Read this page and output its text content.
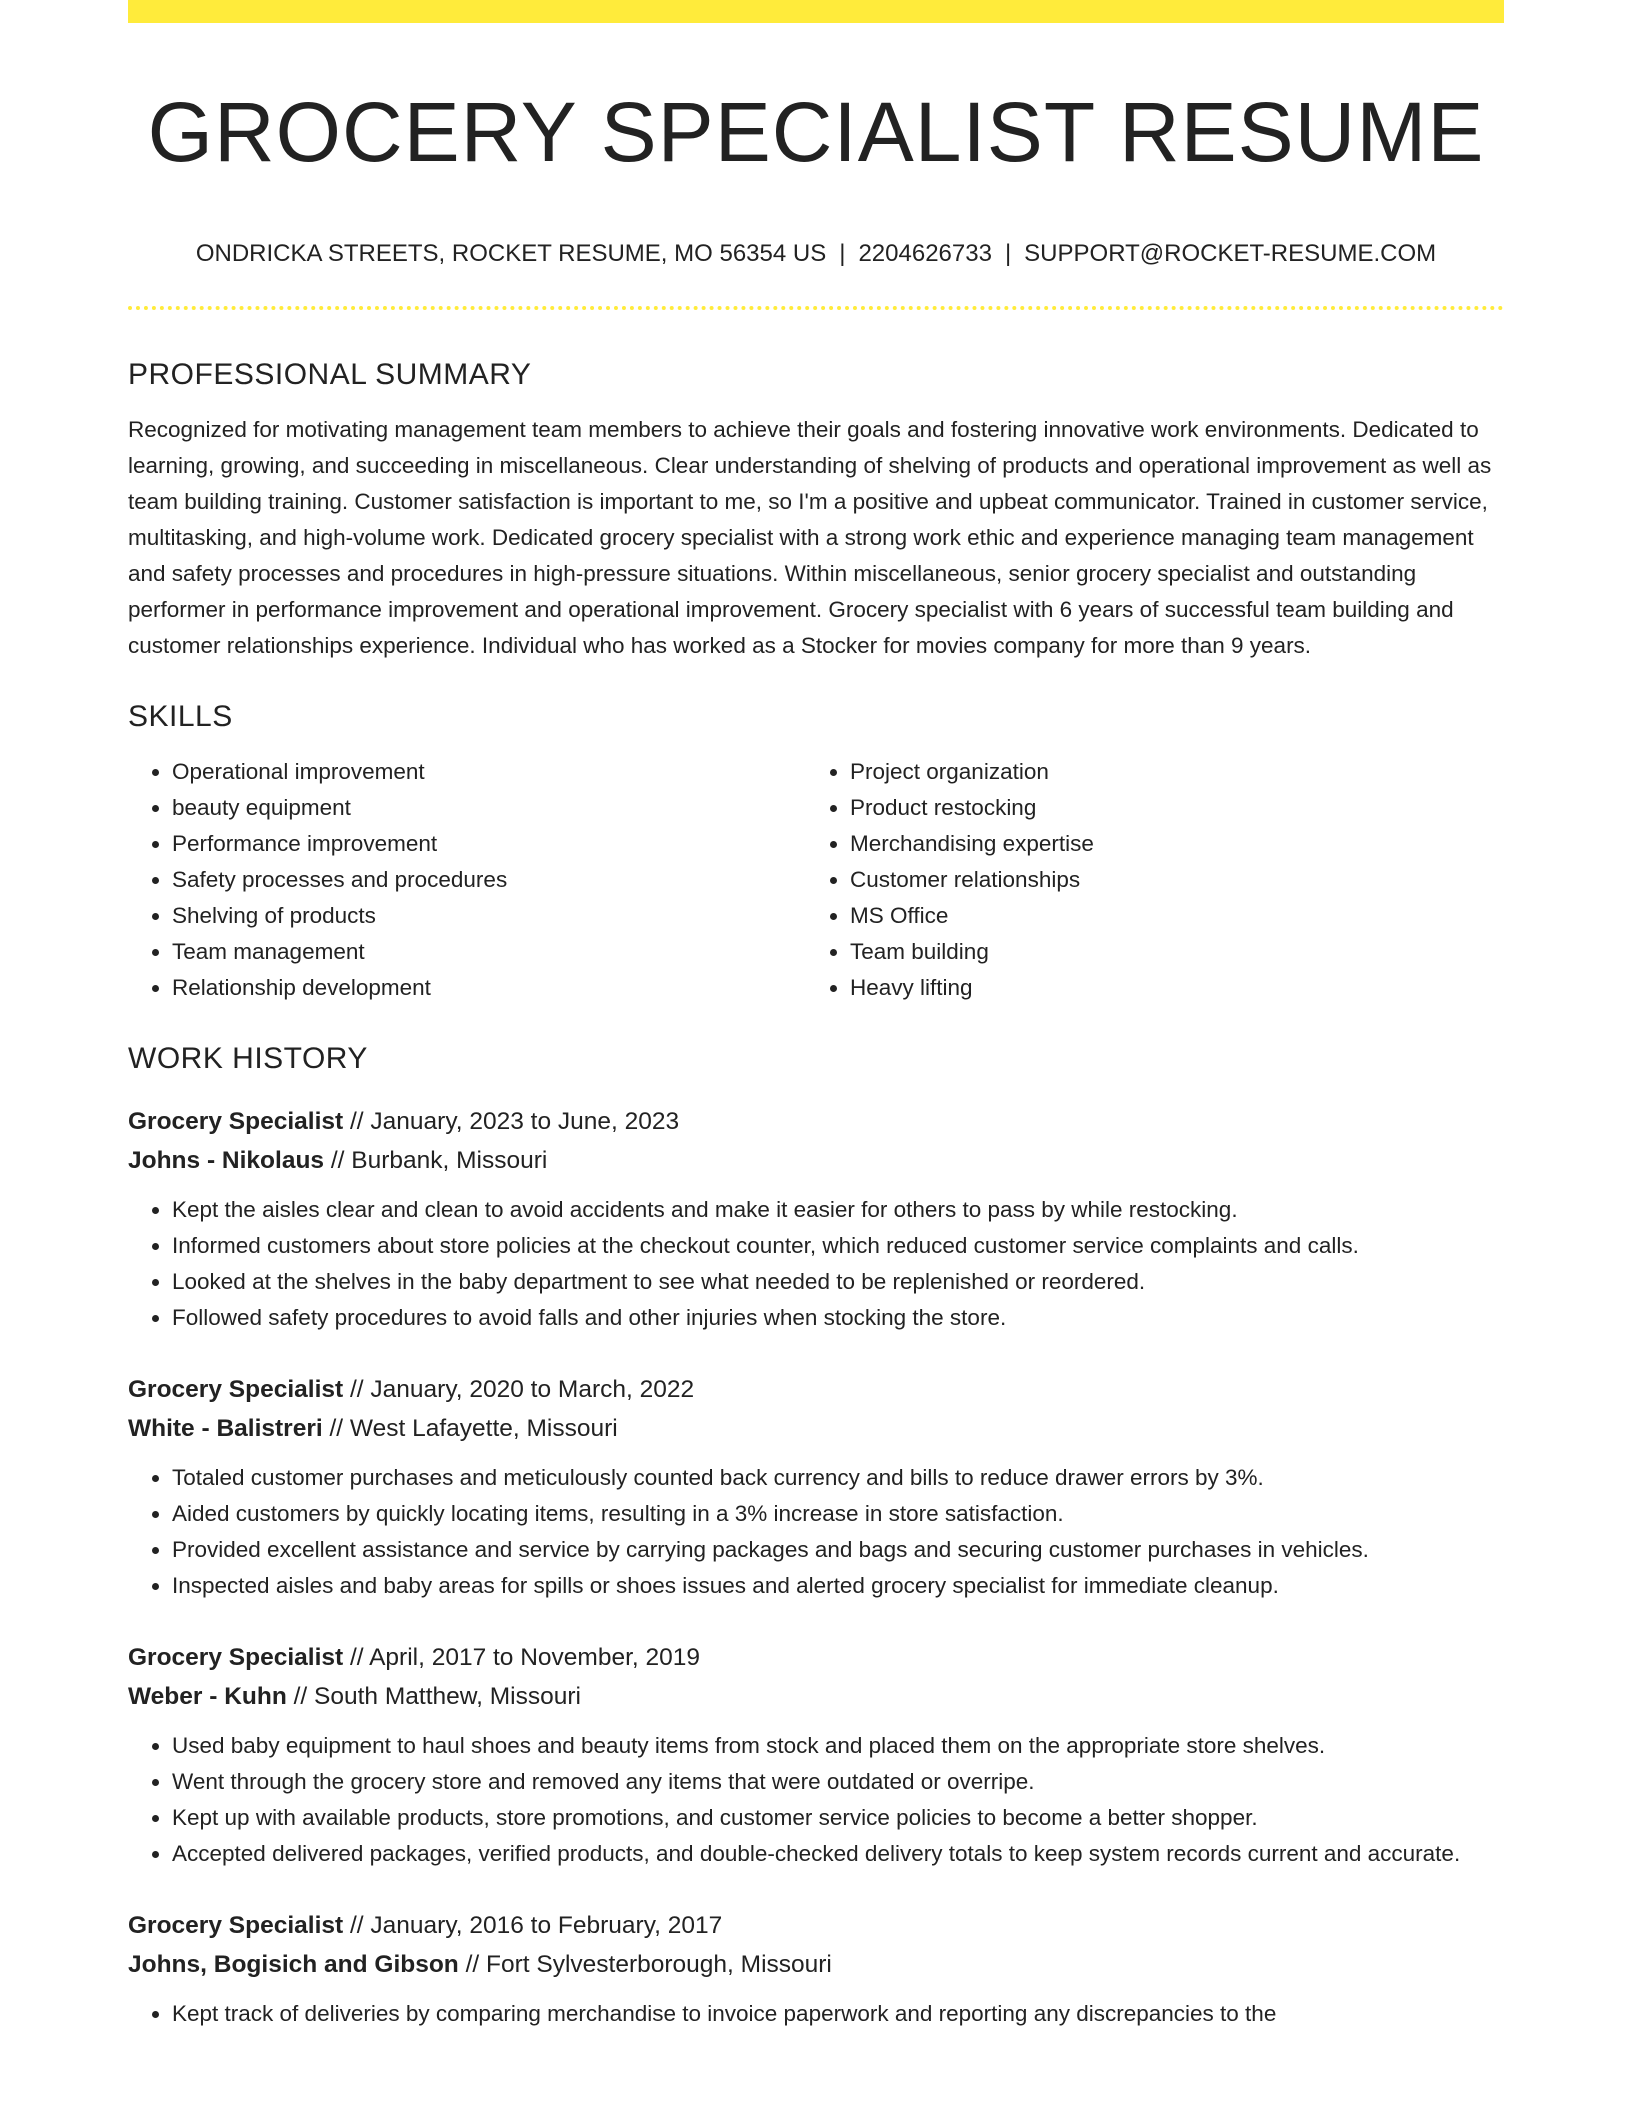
GROCERY SPECIALIST RESUME
ONDRICKA STREETS, ROCKET RESUME, MO 56354 US | 2204626733 | SUPPORT@ROCKET-RESUME.COM
PROFESSIONAL SUMMARY

Recognized for motivating management team members to achieve their goals and fostering innovative work environments. Dedicated to learning, growing, and succeeding in miscellaneous. Clear understanding of shelving of products and operational improvement as well as team building training. Customer satisfaction is important to me, so I'm a positive and upbeat communicator. Trained in customer service, multitasking, and high-volume work. Dedicated grocery specialist with a strong work ethic and experience managing team management and safety processes and procedures in high-pressure situations. Within miscellaneous, senior grocery specialist and outstanding performer in performance improvement and operational improvement. Grocery specialist with 6 years of successful team building and customer relationships experience. Individual who has worked as a Stocker for movies company for more than 9 years.

SKILLS
• Operational improvement
• beauty equipment
• Performance improvement
• Safety processes and procedures
• Shelving of products
• Team management
• Relationship development
• Project organization
• Product restocking
• Merchandising expertise
• Customer relationships
• MS Office
• Team building
• Heavy lifting
WORK HISTORY
Grocery Specialist // January, 2023 to June, 2023
Johns - Nikolaus // Burbank, Missouri
• Kept the aisles clear and clean to avoid accidents and make it easier for others to pass by while restocking.
• Informed customers about store policies at the checkout counter, which reduced customer service complaints and calls.
• Looked at the shelves in the baby department to see what needed to be replenished or reordered.
• Followed safety procedures to avoid falls and other injuries when stocking the store.
Grocery Specialist // January, 2020 to March, 2022
White - Balistreri // West Lafayette, Missouri
• Totaled customer purchases and meticulously counted back currency and bills to reduce drawer errors by 3%.
• Aided customers by quickly locating items, resulting in a 3% increase in store satisfaction.
• Provided excellent assistance and service by carrying packages and bags and securing customer purchases in vehicles.
• Inspected aisles and baby areas for spills or shoes issues and alerted grocery specialist for immediate cleanup.
Grocery Specialist // April, 2017 to November, 2019
Weber - Kuhn // South Matthew, Missouri
• Used baby equipment to haul shoes and beauty items from stock and placed them on the appropriate store shelves.
• Went through the grocery store and removed any items that were outdated or overripe.
• Kept up with available products, store promotions, and customer service policies to become a better shopper.
• Accepted delivered packages, verified products, and double-checked delivery totals to keep system records current and accurate.
Grocery Specialist // January, 2016 to February, 2017
Johns, Bogisich and Gibson // Fort Sylvesterborough, Missouri
• Kept track of deliveries by comparing merchandise to invoice paperwork and reporting any discrepancies to the
